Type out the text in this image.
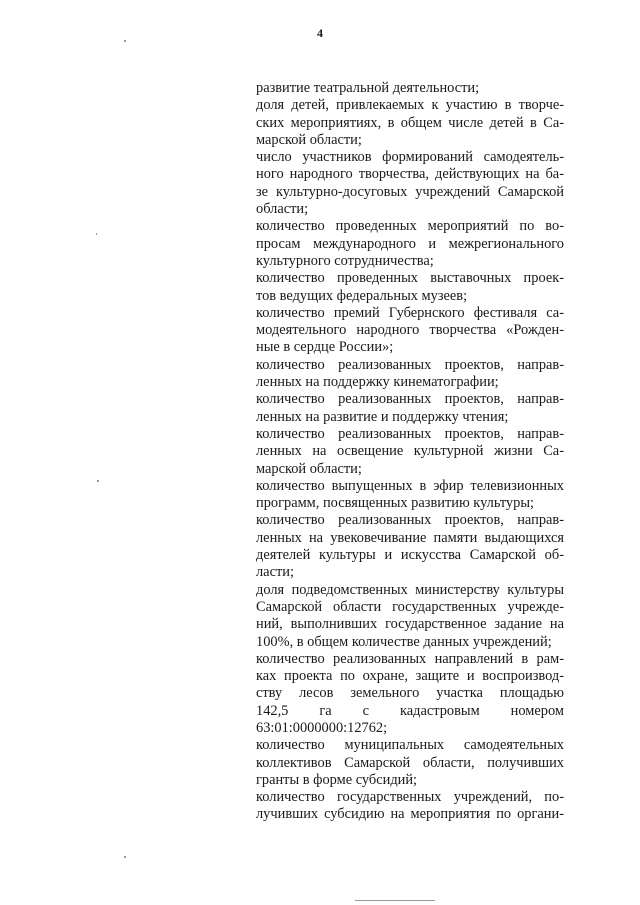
4
развитие театральной деятельности;
доля детей, привлекаемых к участию в творче-
ских мероприятиях, в общем числе детей в Са-
марской области;
число участников формирований самодеятель-
ного народного творчества, действующих на ба-
зе культурно-досуговых учреждений Самарской
области;
количество проведенных мероприятий по во-
просам международного и межрегионального
культурного сотрудничества;
количество проведенных выставочных проек-
тов ведущих федеральных музеев;
количество премий Губернского фестиваля са-
модеятельного народного творчества «Рожден-
ные в сердце России»;
количество реализованных проектов, направ-
ленных на поддержку кинематографии;
количество реализованных проектов, направ-
ленных на развитие и поддержку чтения;
количество реализованных проектов, направ-
ленных на освещение культурной жизни Са-
марской области;
количество выпущенных в эфир телевизионных
программ, посвященных развитию культуры;
количество реализованных проектов, направ-
ленных на увековечивание памяти выдающихся
деятелей культуры и искусства Самарской об-
ласти;
доля подведомственных министерству культуры
Самарской области государственных учрежде-
ний, выполнивших государственное задание на
100%, в общем количестве данных учреждений;
количество реализованных направлений в рам-
ках проекта по охране, защите и воспроизвод-
ству лесов земельного участка площадью
142,5 га с кадастровым номером
63:01:0000000:12762;
количество муниципальных самодеятельных
коллективов Самарской области, получивших
гранты в форме субсидий;
количество государственных учреждений, по-
лучивших субсидию на мероприятия по органи-
